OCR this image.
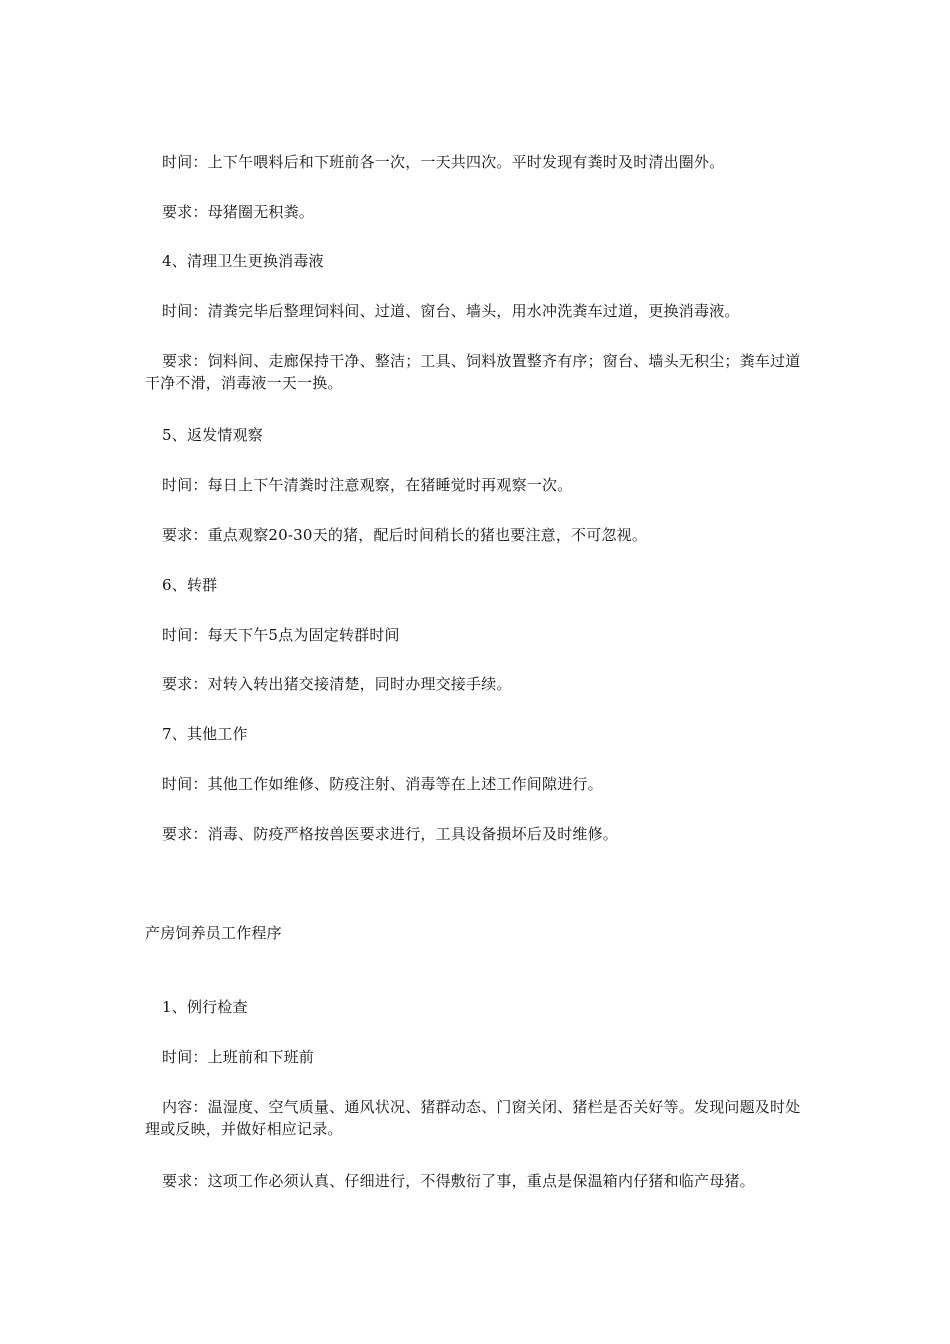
时间：上下午喂料后和下班前各一次，一天共四次。平时发现有粪时及时清出圈外。
要求：母猪圈无积粪。
4、清理卫生更换消毒液
时间：清粪完毕后整理饲料间、过道、窗台、墙头，用水冲洗粪车过道，更换消毒液。
要求：饲料间、走廊保持干净、整洁；工具、饲料放置整齐有序；窗台、墙头无积尘；粪车过道干净不滑，消毒液一天一换。
5、返发情观察
时间：每日上下午清粪时注意观察，在猪睡觉时再观察一次。
要求：重点观察20-30天的猪，配后时间稍长的猪也要注意，不可忽视。
6、转群
时间：每天下午5点为固定转群时间
要求：对转入转出猪交接清楚，同时办理交接手续。
7、其他工作
时间：其他工作如维修、防疫注射、消毒等在上述工作间隙进行。
要求：消毒、防疫严格按兽医要求进行，工具设备损坏后及时维修。
产房饲养员工作程序
1、例行检查
时间：上班前和下班前
内容：温湿度、空气质量、通风状况、猪群动态、门窗关闭、猪栏是否关好等。发现问题及时处理或反映，并做好相应记录。
要求：这项工作必须认真、仔细进行，不得敷衍了事，重点是保温箱内仔猪和临产母猪。
